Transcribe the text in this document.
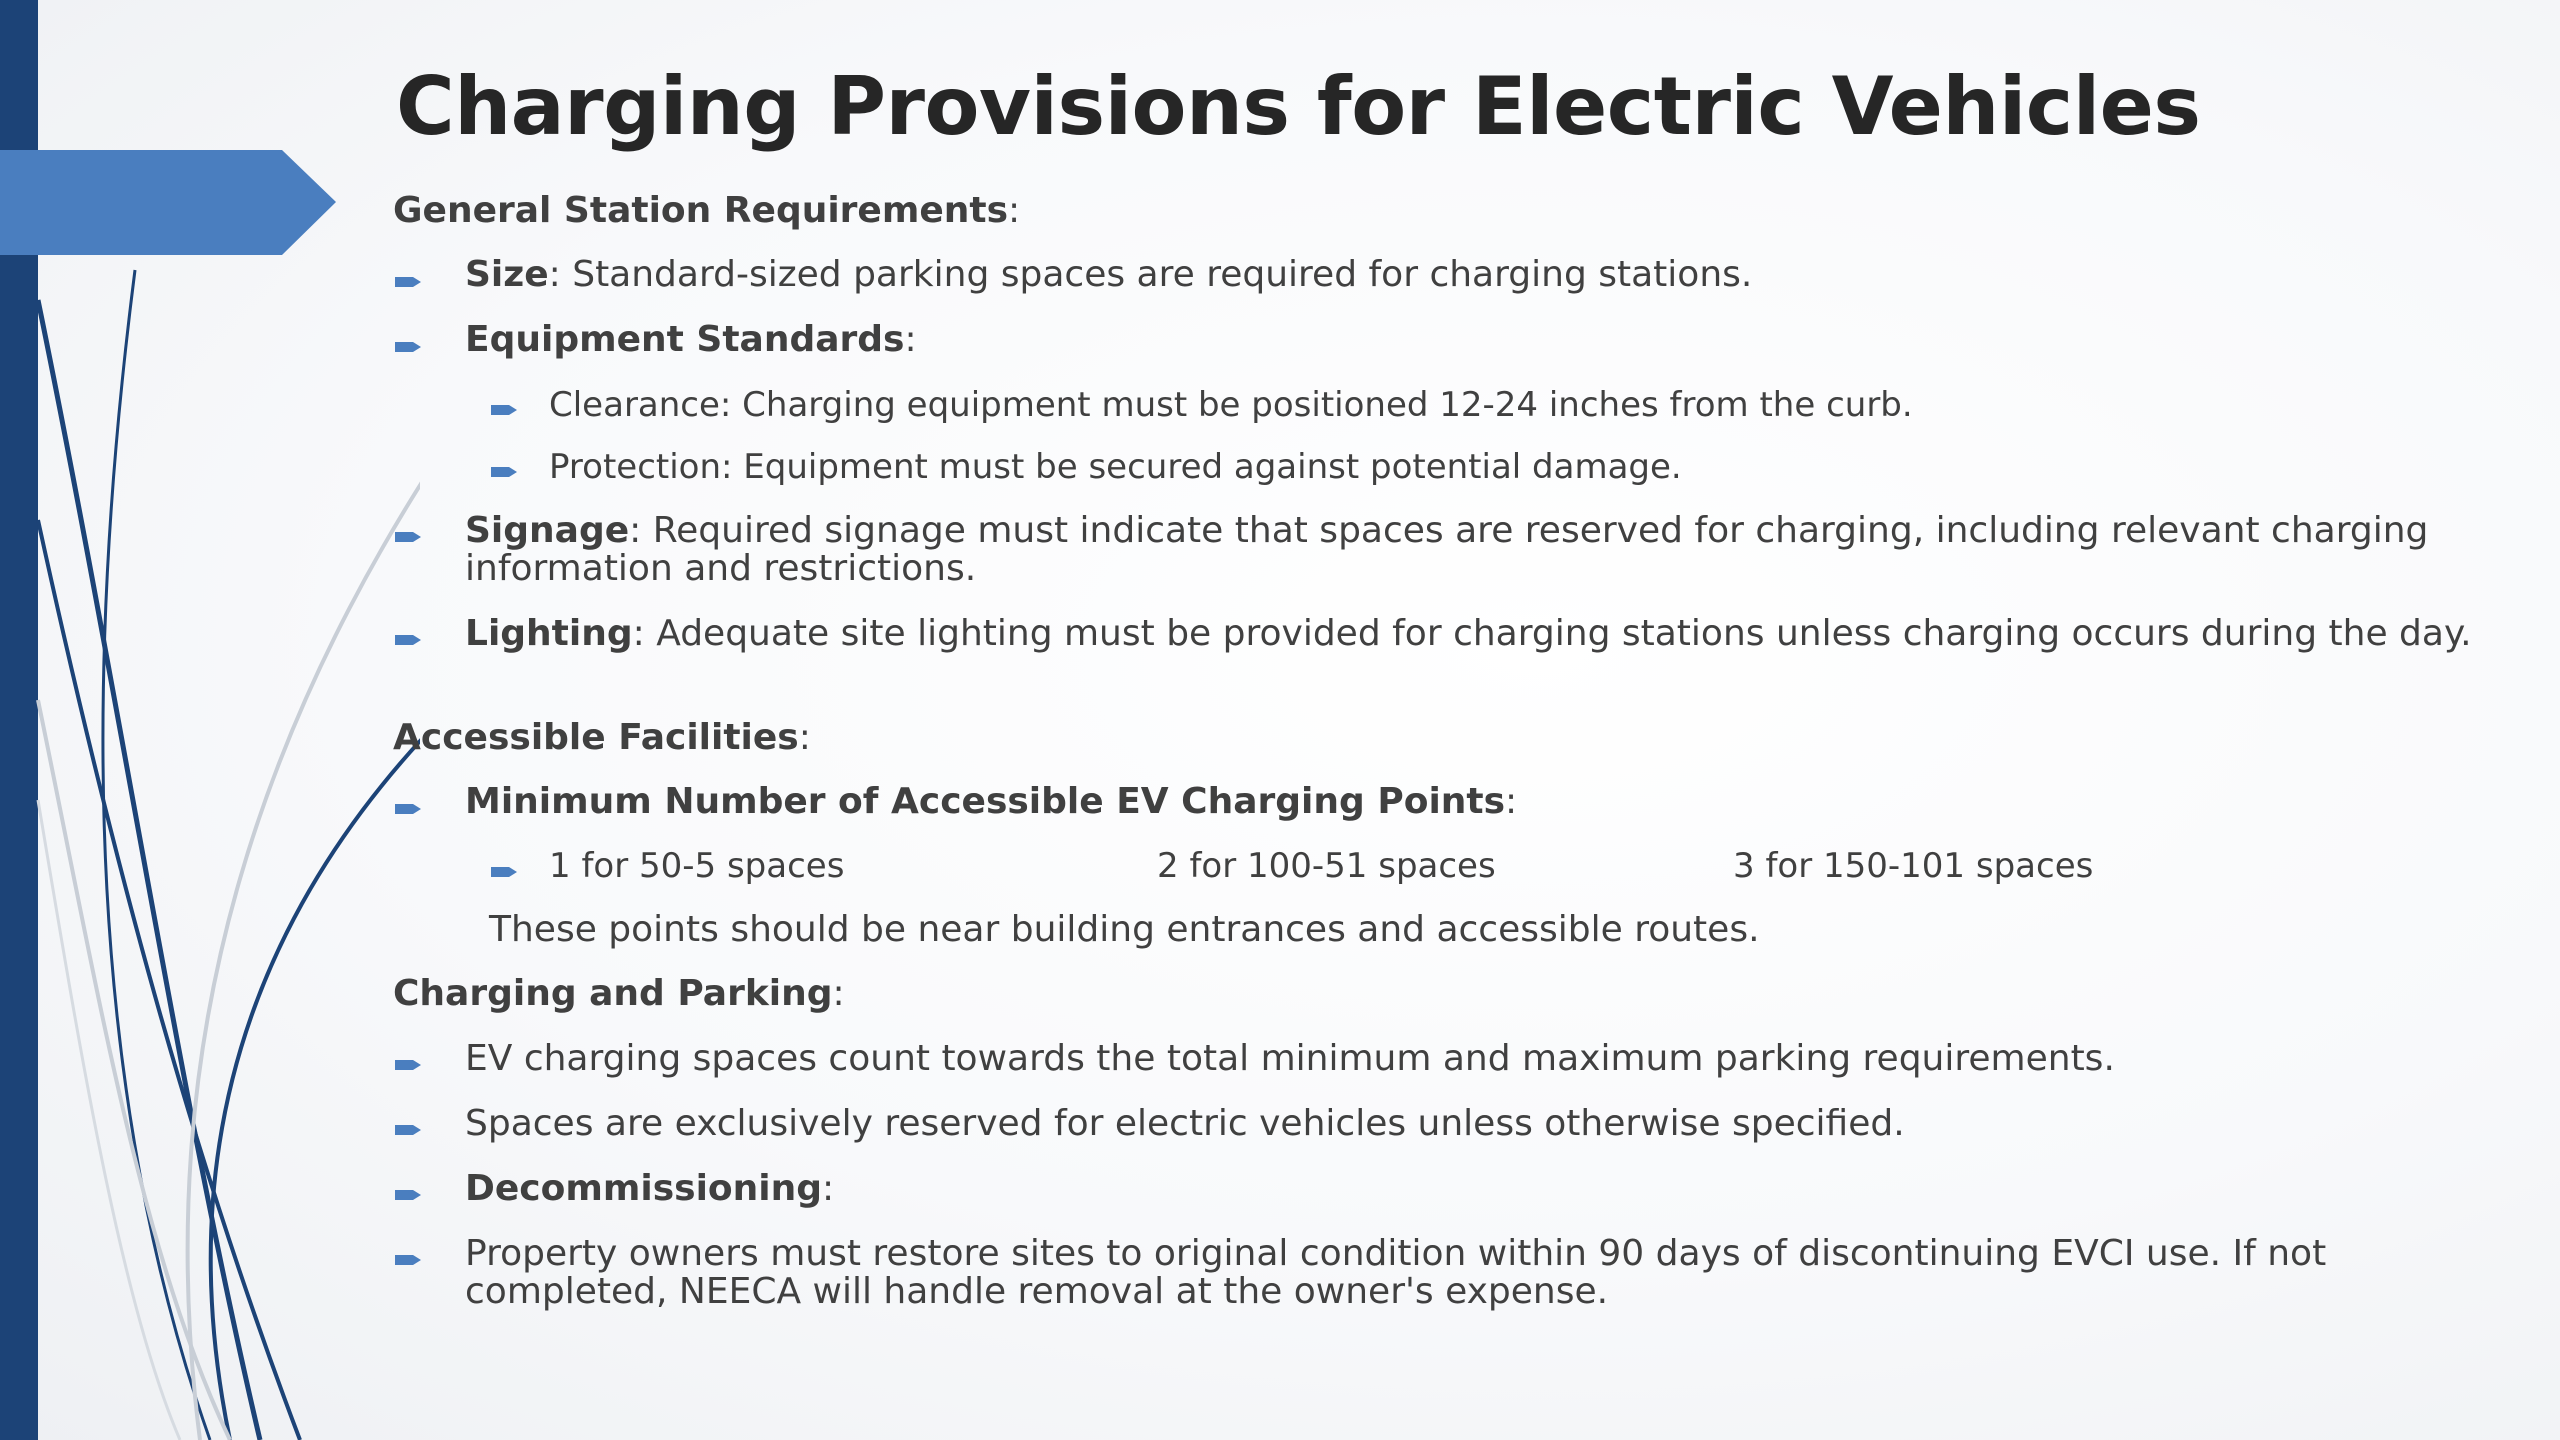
Charging Provisions for Electric Vehicles
General Station Requirements:
Size: Standard-sized parking spaces are required for charging stations.
Equipment Standards:
Clearance: Charging equipment must be positioned 12-24 inches from the curb.
Protection: Equipment must be secured against potential damage.
Signage: Required signage must indicate that spaces are reserved for charging, including relevant charging information and restrictions.
Lighting: Adequate site lighting must be provided for charging stations unless charging occurs during the day.
Accessible Facilities:
Minimum Number of Accessible EV Charging Points:
1 for 50-5 spaces	2 for 100-51 spaces	3 for 150-101 spaces
These points should be near building entrances and accessible routes.
Charging and Parking:
EV charging spaces count towards the total minimum and maximum parking requirements.
Spaces are exclusively reserved for electric vehicles unless otherwise specified.
Decommissioning:
Property owners must restore sites to original condition within 90 days of discontinuing EVCI use. If not completed, NEECA will handle removal at the owner's expense.
